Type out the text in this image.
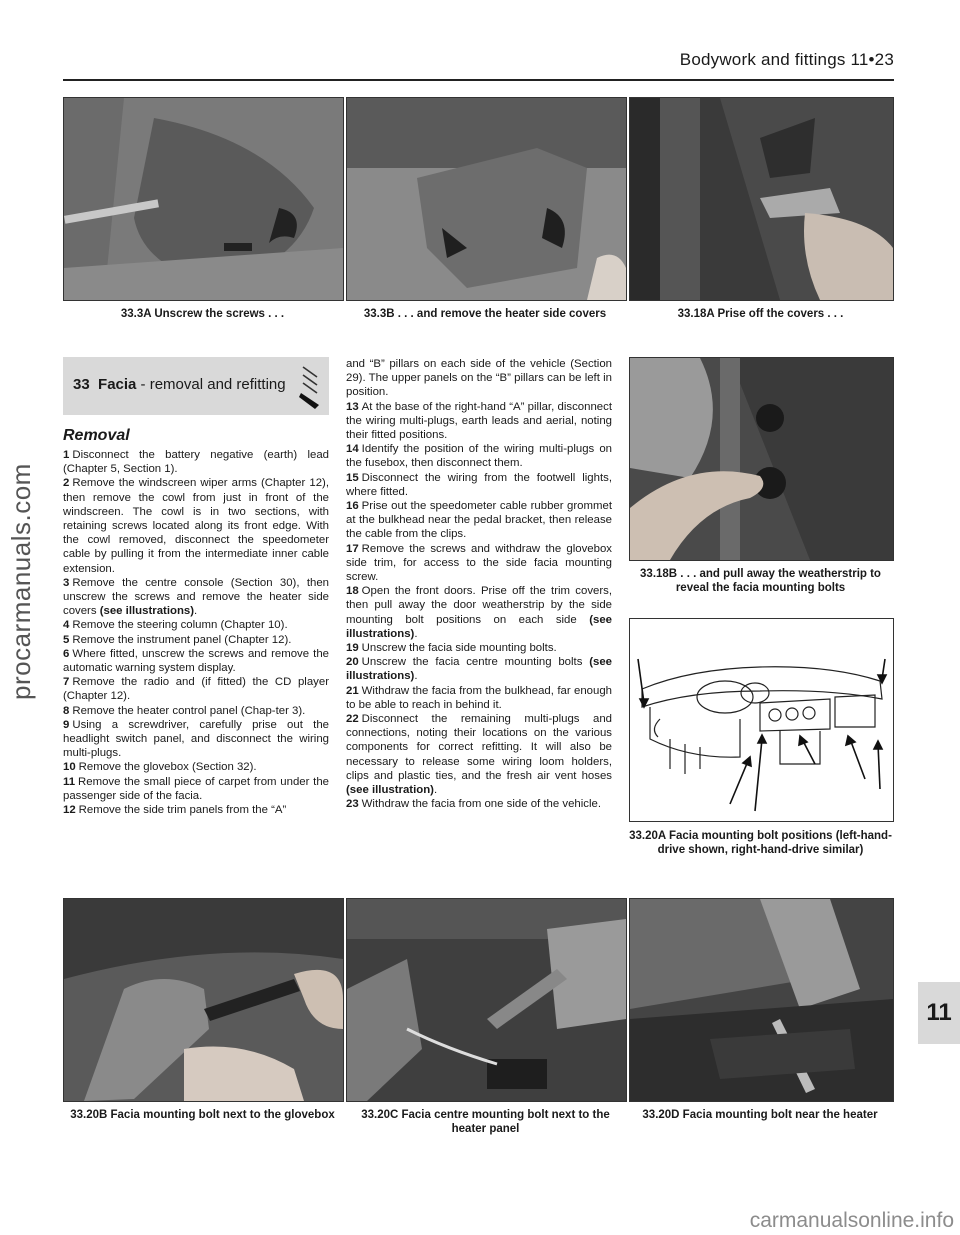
Bodywork and fittings 11•23
33.3A Unscrew the screws . . .	33.3B . . . and remove the heater side covers	33.18A Prise off the covers . . .
33 Facia - removal and refitting
Removal

1 Disconnect the battery negative (earth) lead (Chapter 5, Section 1).

2 Remove the windscreen wiper arms (Chapter 12), then remove the cowl from just in front of the windscreen. The cowl is in two sections, with retaining screws located along its front edge. With the cowl removed, disconnect the speedometer cable by pulling it from the intermediate inner cable extension.

3 Remove the centre console (Section 30), then unscrew the screws and remove the heater side covers (see illustrations).

4 Remove the steering column (Chapter 10).

5 Remove the instrument panel (Chapter 12).

6 Where fitted, unscrew the screws and remove the automatic warning system display.

7 Remove the radio and (if fitted) the CD player (Chapter 12).

8 Remove the heater control panel (Chap-ter 3).

9 Using a screwdriver, carefully prise out the headlight switch panel, and disconnect the wiring multi-plugs.

10 Remove the glovebox (Section 32).

11 Remove the small piece of carpet from under the passenger side of the facia.

12 Remove the side trim panels from the “A”

and “B” pillars on each side of the vehicle (Section 29). The upper panels on the “B” pillars can be left in position.

13 At the base of the right-hand “A” pillar, disconnect the wiring multi-plugs, earth leads and aerial, noting their fitted positions.

14 Identify the position of the wiring multi-plugs on the fusebox, then disconnect them.

15 Disconnect the wiring from the footwell lights, where fitted.

16 Prise out the speedometer cable rubber grommet at the bulkhead near the pedal bracket, then release the cable from the clips.

17 Remove the screws and withdraw the glovebox side trim, for access to the side facia mounting screw.

18 Open the front doors. Prise off the trim covers, then pull away the door weatherstrip by the side mounting bolt positions on each side (see illustrations).

19 Unscrew the facia side mounting bolts.

20 Unscrew the facia centre mounting bolts (see illustrations).

21 Withdraw the facia from the bulkhead, far enough to be able to reach in behind it.

22 Disconnect the remaining multi-plugs and connections, noting their locations on the various components for correct refitting. It will also be necessary to release some wiring loom holders, clips and plastic ties, and the fresh air vent hoses (see illustration).

23 Withdraw the facia from one side of the vehicle.

33.18B . . . and pull away the weatherstrip to reveal the facia mounting bolts
33.20A Facia mounting bolt positions (left-hand-drive shown, right-hand-drive similar)
33.20B Facia mounting bolt next to the glovebox	33.20C Facia centre mounting bolt next to the heater panel
33.20D Facia mounting bolt near the heater
11
procarmanuals.com
carmanualsonline.info
